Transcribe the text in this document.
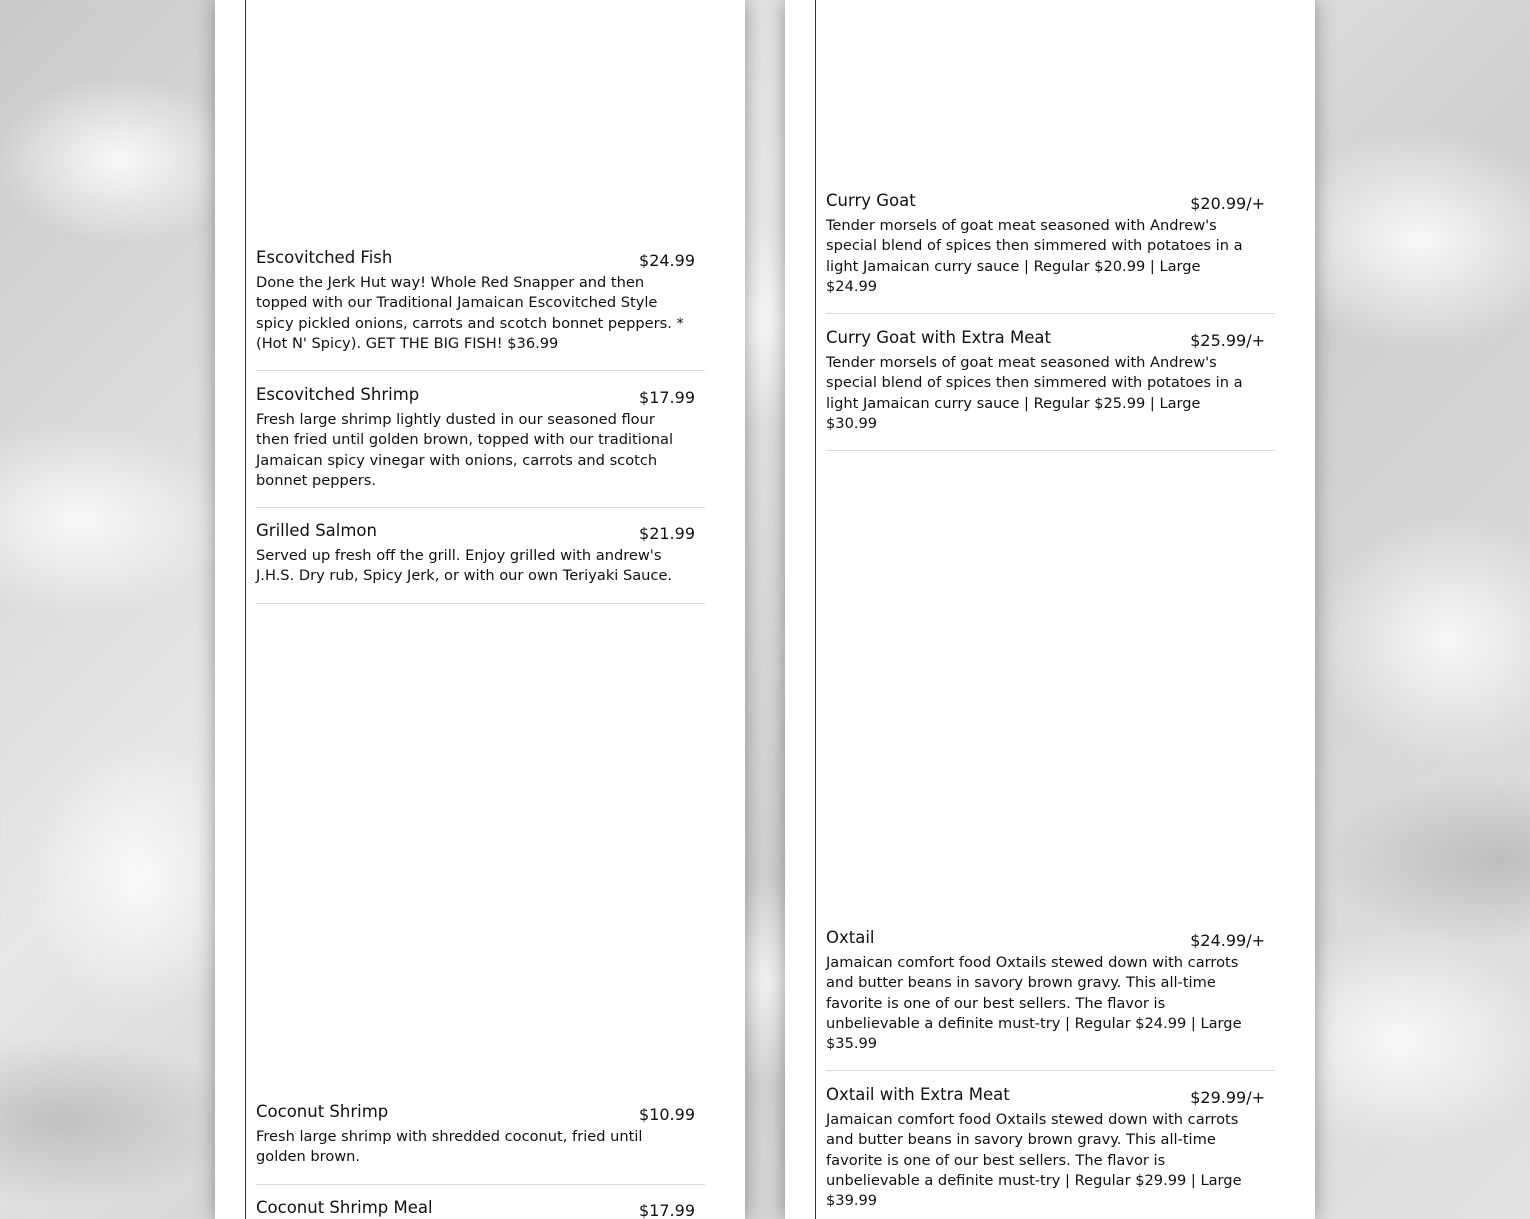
Escovitched Fish	$24.99
Done the Jerk Hut way! Whole Red Snapper and then topped with our Traditional Jamaican Escovitched Style spicy pickled onions, carrots and scotch bonnet peppers. *(Hot N' Spicy). GET THE BIG FISH! $36.99
Escovitched Shrimp	$17.99
Fresh large shrimp lightly dusted in our seasoned flour then fried until golden brown, topped with our traditional Jamaican spicy vinegar with onions, carrots and scotch bonnet peppers.
Grilled Salmon	$21.99
Served up fresh off the grill. Enjoy grilled with andrew's J.H.S. Dry rub, Spicy Jerk, or with our own Teriyaki Sauce.
Coconut Shrimp	$10.99
Fresh large shrimp with shredded coconut, fried until golden brown.
Coconut Shrimp Meal	$17.99
Curry Goat	$20.99/+
Tender morsels of goat meat seasoned with Andrew's special blend of spices then simmered with potatoes in a light Jamaican curry sauce | Regular $20.99 | Large $24.99
Curry Goat with Extra Meat	$25.99/+
Tender morsels of goat meat seasoned with Andrew's special blend of spices then simmered with potatoes in a light Jamaican curry sauce | Regular $25.99 | Large $30.99
Oxtail	$24.99/+
Jamaican comfort food Oxtails stewed down with carrots and butter beans in savory brown gravy. This all-time favorite is one of our best sellers. The flavor is unbelievable a definite must-try | Regular $24.99 | Large $35.99
Oxtail with Extra Meat	$29.99/+
Jamaican comfort food Oxtails stewed down with carrots and butter beans in savory brown gravy. This all-time favorite is one of our best sellers. The flavor is unbelievable a definite must-try | Regular $29.99 | Large $39.99
